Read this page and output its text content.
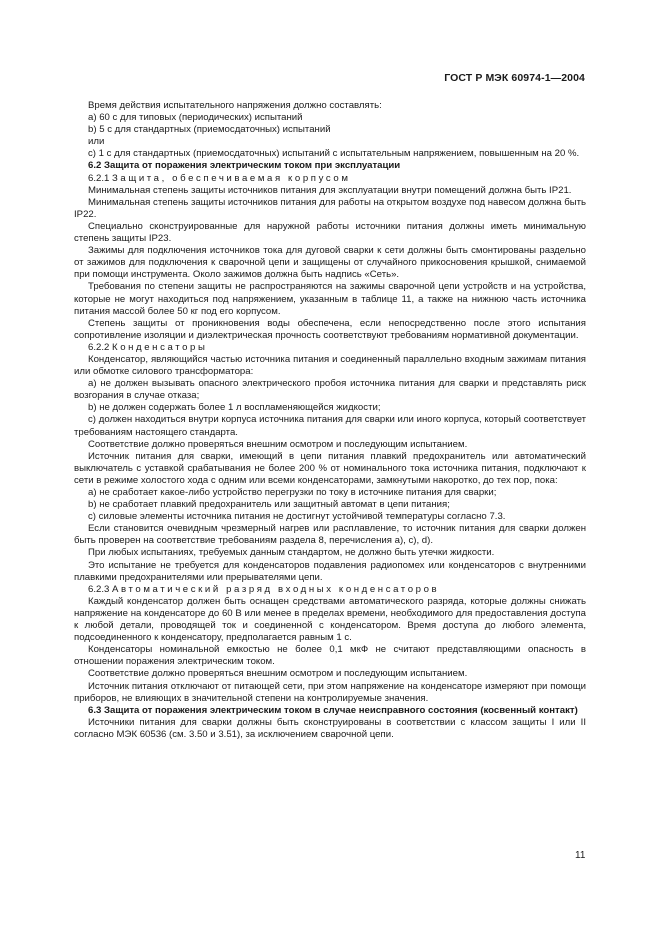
ГОСТ Р МЭК 60974-1—2004

Время действия испытательного напряжения должно составлять:

а) 60 с для типовых (периодических) испытаний

b) 5 с для стандартных (приемосдаточных) испытаний

или

с) 1 с для стандартных (приемосдаточных) испытаний с испытательным напряжением, повышенным на 20 %.

6.2 Защита от поражения электрическим током при эксплуатации

6.2.1 Защита, обеспечиваемая корпусом

Минимальная степень защиты источников питания для эксплуатации внутри помещений должна быть IP21.

Минимальная степень защиты источников питания для работы на открытом воздухе под навесом должна быть IP22.

Специально сконструированные для наружной работы источники питания должны иметь минимальную степень защиты IP23.

Зажимы для подключения источников тока для дуговой сварки к сети должны быть смонтированы раздельно от зажимов для подключения к сварочной цепи и защищены от случайного прикосновения крышкой, снимаемой при помощи инструмента. Около зажимов должна быть надпись «Сеть».

Требования по степени защиты не распространяются на зажимы сварочной цепи устройств и на устройства, которые не могут находиться под напряжением, указанным в таблице 11, а также на нижнюю часть источника питания массой более 50 кг под его корпусом.

Степень защиты от проникновения воды обеспечена, если непосредственно после этого испытания сопротивление изоляции и диэлектрическая прочность соответствуют требованиям нормативной документации.

6.2.2 Конденсаторы

Конденсатор, являющийся частью источника питания и соединенный параллельно входным зажимам питания или обмотке силового трансформатора:

а) не должен вызывать опасного электрического пробоя источника питания для сварки и представлять риск возгорания в случае отказа;

b) не должен содержать более 1 л воспламеняющейся жидкости;

с) должен находиться внутри корпуса источника питания для сварки или иного корпуса, который соответствует требованиям настоящего стандарта.

Соответствие должно проверяться внешним осмотром и последующим испытанием.

Источник питания для сварки, имеющий в цепи питания плавкий предохранитель или автоматический выключатель с уставкой срабатывания не более 200 % от номинального тока источника питания, подключают к сети в режиме холостого хода с одним или всеми конденсаторами, замкнутыми накоротко, до тех пор, пока:

а) не сработает какое-либо устройство перегрузки по току в источнике питания для сварки;

b) не сработает плавкий предохранитель или защитный автомат в цепи питания;

с) силовые элементы источника питания не достигнут устойчивой температуры согласно 7.3.

Если становится очевидным чрезмерный нагрев или расплавление, то источник питания для сварки должен быть проверен на соответствие требованиям раздела 8, перечисления а), с), d).

При любых испытаниях, требуемых данным стандартом, не должно быть утечки жидкости.

Это испытание не требуется для конденсаторов подавления радиопомех или конденсаторов с внутренними плавкими предохранителями или прерывателями цепи.

6.2.3 Автоматический разряд входных конденсаторов

Каждый конденсатор должен быть оснащен средствами автоматического разряда, которые должны снижать напряжение на конденсаторе до 60 В или менее в пределах времени, необходимого для предоставления доступа к любой детали, проводящей ток и соединенной с конденсатором. Время доступа до любого элемента, подсоединенного к конденсатору, предполагается равным 1 с.

Конденсаторы номинальной емкостью не более 0,1 мкФ не считают представляющими опасность в отношении поражения электрическим током.

Соответствие должно проверяться внешним осмотром и последующим испытанием.

Источник питания отключают от питающей сети, при этом напряжение на конденсаторе измеряют при помощи приборов, не влияющих в значительной степени на контролируемые значения.

6.3 Защита от поражения электрическим током в случае неисправного состояния (косвенный контакт)

Источники питания для сварки должны быть сконструированы в соответствии с классом защиты I или II согласно МЭК 60536 (см. 3.50 и 3.51), за исключением сварочной цепи.

11
